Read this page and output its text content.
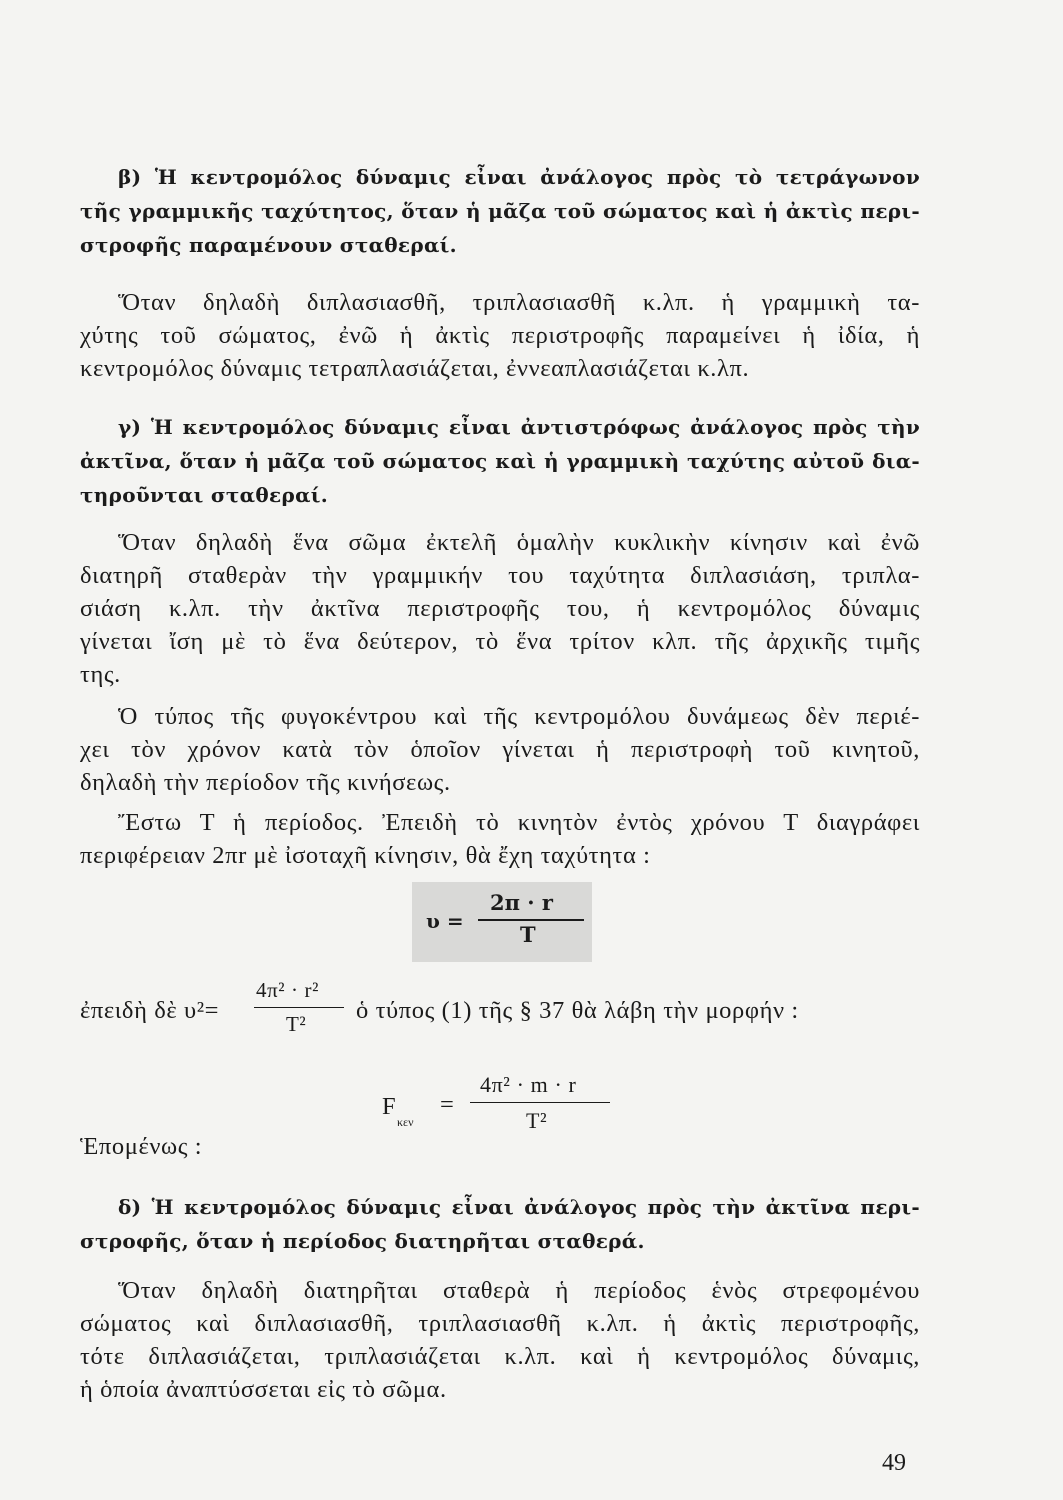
β) Ἡ κεντρομόλος δύναμις εἶναι ἀνάλογος πρὸς τὸ τετράγωνον
τῆς γραμμικῆς ταχύτητος, ὅταν ἡ μᾶζα τοῦ σώματος καὶ ἡ ἀκτὶς περι-
στροφῆς παραμένουν σταθεραί.
Ὅταν δηλαδὴ διπλασιασθῆ, τριπλασιασθῆ κ.λπ. ἡ γραμμικὴ τα-
χύτης τοῦ σώματος, ἐνῶ ἡ ἀκτὶς περιστροφῆς παραμείνει ἡ ἰδία, ἡ
κεντρομόλος δύναμις τετραπλασιάζεται, ἐννεαπλασιάζεται κ.λπ.
γ) Ἡ κεντρομόλος δύναμις εἶναι ἀντιστρόφως ἀνάλογος πρὸς τὴν
ἀκτῖνα, ὅταν ἡ μᾶζα τοῦ σώματος καὶ ἡ γραμμικὴ ταχύτης αὐτοῦ δια-
τηροῦνται σταθεραί.
Ὅταν δηλαδὴ ἕνα σῶμα ἐκτελῆ ὁμαλὴν κυκλικὴν κίνησιν καὶ ἐνῶ
διατηρῆ σταθερὰν τὴν γραμμικήν του ταχύτητα διπλασιάση, τριπλα-
σιάση κ.λπ. τὴν ἀκτῖνα περιστροφῆς του, ἡ κεντρομόλος δύναμις
γίνεται ἴση μὲ τὸ ἕνα δεύτερον, τὸ ἕνα τρίτον κλπ. τῆς ἀρχικῆς τιμῆς
της.
Ὁ τύπος τῆς φυγοκέντρου καὶ τῆς κεντρομόλου δυνάμεως δὲν περιέ-
χει τὸν χρόνον κατὰ τὸν ὁποῖον γίνεται ἡ περιστροφὴ τοῦ κινητοῦ,
δηλαδὴ τὴν περίοδον τῆς κινήσεως.
Ἔστω Τ ἡ περίοδος. Ἐπειδὴ τὸ κινητὸν ἐντὸς χρόνου Τ διαγράφει
περιφέρειαν 2πr μὲ ἰσοταχῆ κίνησιν, θὰ ἔχη ταχύτητα :
υ =
2π · r
T
ἐπειδὴ δὲ υ²=
4π² · r²
T² ὁ τύπος (1) τῆς § 37 θὰ λάβη τὴν μορφήν :
F
κεν
=
4π² · m · r
T²
Ἑπομένως :
δ) Ἡ κεντρομόλος δύναμις εἶναι ἀνάλογος πρὸς τὴν ἀκτῖνα περι-
στροφῆς, ὅταν ἡ περίοδος διατηρῆται σταθερά.
Ὅταν δηλαδὴ διατηρῆται σταθερὰ ἡ περίοδος ἑνὸς στρεφομένου
σώματος καὶ διπλασιασθῆ, τριπλασιασθῆ κ.λπ. ἡ ἀκτὶς περιστροφῆς,
τότε διπλασιάζεται, τριπλασιάζεται κ.λπ. καὶ ἡ κεντρομόλος δύναμις,
ἡ ὁποία ἀναπτύσσεται εἰς τὸ σῶμα.
49
